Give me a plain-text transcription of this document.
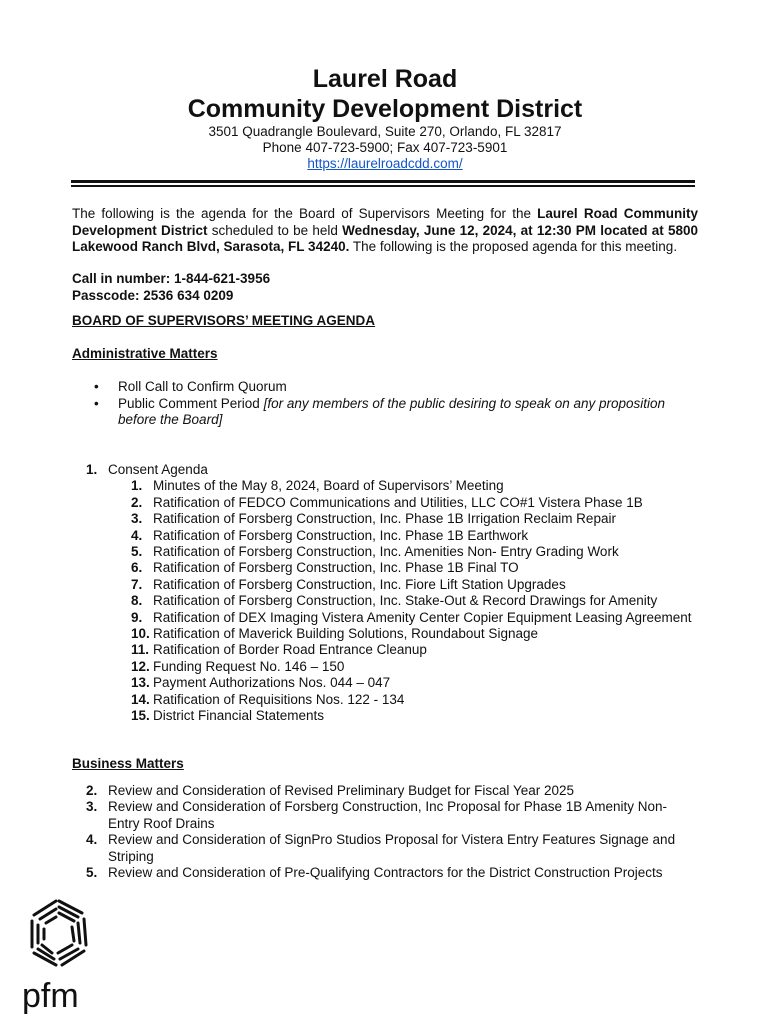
Laurel Road
Community Development District
3501 Quadrangle Boulevard, Suite 270, Orlando, FL 32817
Phone 407-723-5900; Fax 407-723-5901
https://laurelroadcdd.com/
The following is the agenda for the Board of Supervisors Meeting for the Laurel Road Community Development District scheduled to be held Wednesday, June 12, 2024, at 12:30 PM located at 5800 Lakewood Ranch Blvd, Sarasota, FL 34240. The following is the proposed agenda for this meeting.
Call in number: 1-844-621-3956
Passcode: 2536 634 0209
BOARD OF SUPERVISORS’ MEETING AGENDA
Administrative Matters
• Roll Call to Confirm Quorum
• Public Comment Period [for any members of the public desiring to speak on any proposition before the Board]
1. Consent Agenda
1. Minutes of the May 8, 2024, Board of Supervisors’ Meeting
2. Ratification of FEDCO Communications and Utilities, LLC CO#1 Vistera Phase 1B
3. Ratification of Forsberg Construction, Inc. Phase 1B Irrigation Reclaim Repair
4. Ratification of Forsberg Construction, Inc. Phase 1B Earthwork
5. Ratification of Forsberg Construction, Inc. Amenities Non- Entry Grading Work
6. Ratification of Forsberg Construction, Inc. Phase 1B Final TO
7. Ratification of Forsberg Construction, Inc. Fiore Lift Station Upgrades
8. Ratification of Forsberg Construction, Inc. Stake-Out & Record Drawings for Amenity
9. Ratification of DEX Imaging Vistera Amenity Center Copier Equipment Leasing Agreement
10. Ratification of Maverick Building Solutions, Roundabout Signage
11. Ratification of Border Road Entrance Cleanup
12. Funding Request No. 146 – 150
13. Payment Authorizations Nos. 044 – 047
14. Ratification of Requisitions Nos. 122 - 134
15. District Financial Statements
Business Matters
2. Review and Consideration of Revised Preliminary Budget for Fiscal Year 2025
3. Review and Consideration of Forsberg Construction, Inc Proposal for Phase 1B Amenity Non-Entry Roof Drains
4. Review and Consideration of SignPro Studios Proposal for Vistera Entry Features Signage and Striping
5. Review and Consideration of Pre-Qualifying Contractors for the District Construction Projects
pfm
